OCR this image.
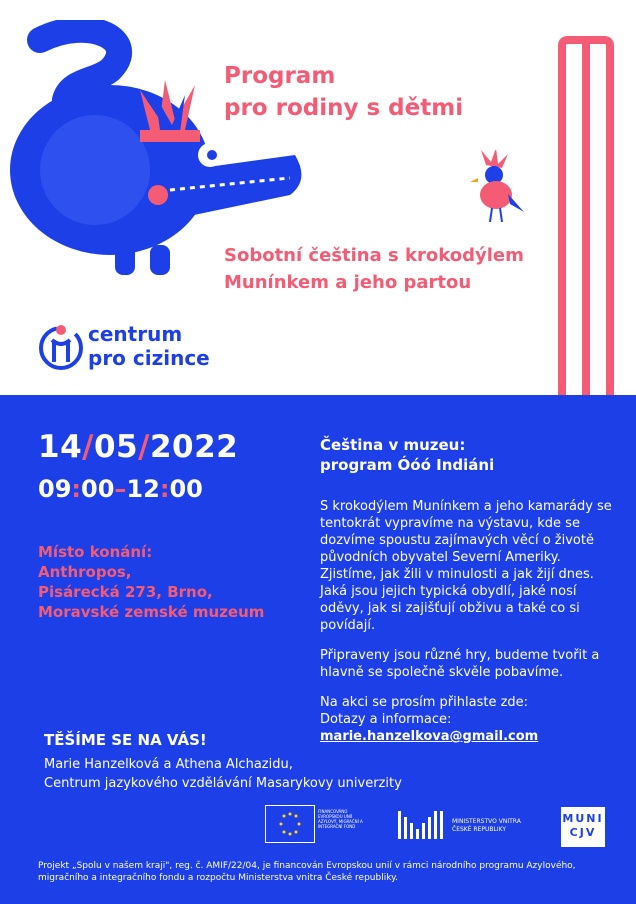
Program
pro rodiny s dětmi
Sobotní čeština s krokodýlem
Munínkem a jeho partou
centrum
pro cizince
14/05/2022
09:00–12:00
Místo konání:
Anthropos,
Pisárecká 273, Brno,
Moravské zemské muzeum
Čeština v muzeu:
program Óóó Indiáni

S krokodýlem Munínkem a jeho kamarády se tentokrát vypravíme na výstavu, kde se dozvíme spoustu zajímavých věcí o životě původních obyvatel Severní Ameriky. Zjistíme, jak žili v minulosti a jak žijí dnes. Jaká jsou jejich typická obydlí, jaké nosí oděvy, jak si zajišťují obživu a také co si povídají.

Připraveny jsou různé hry, budeme tvořit a hlavně se společně skvěle pobavíme.

Na akci se prosím přihlaste zde:
Dotazy a informace:
marie.hanzelkova@gmail.com
TĚŠÍME SE NA VÁS!
Marie Hanzelková a Athena Alchazidu,
Centrum jazykového vzdělávání Masarykovy univerzity
FINANCOVÁNO EVROPSKOU UNIÍ AZYLOVÝ, MIGRAČNÍ A INTEGRAČNÍ FOND
MINISTERSTVO VNITRA
ČESKÉ REPUBLIKY
MUNI
CJV
Projekt „Spolu v našem kraji", reg. č. AMIF/22/04, je financován Evropskou unií v rámci národního programu Azylového, migračního a integračního fondu a rozpočtu Ministerstva vnitra České republiky.
